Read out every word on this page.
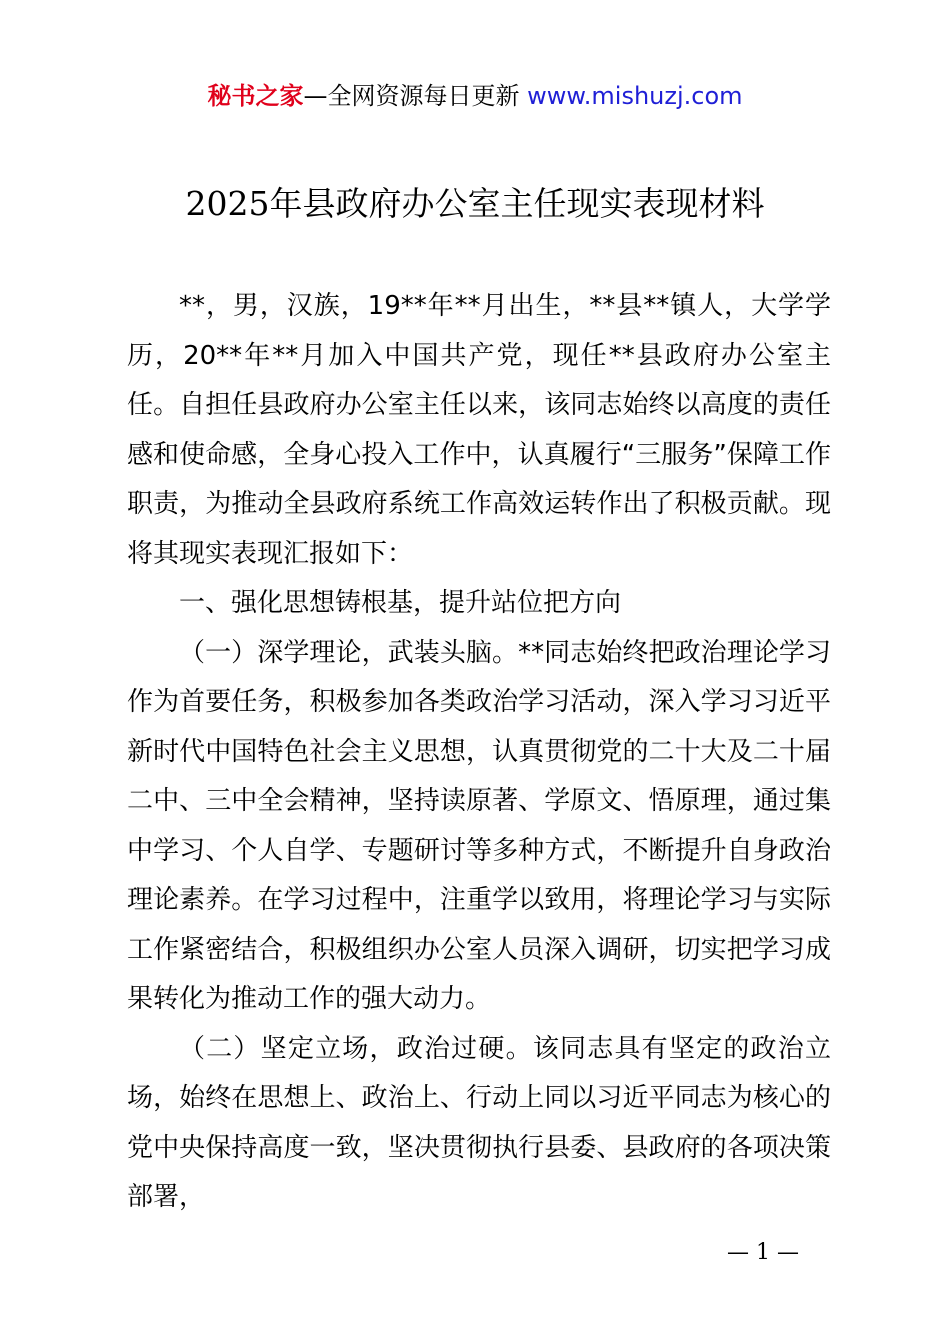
秘书之家—全网资源每日更新 www.mishuzj.com
2025年县政府办公室主任现实表现材料

**，男，汉族，19**年**月出生，**县**镇人，大学学历，20**年**月加入中国共产党，现任**县政府办公室主任。自担任县政府办公室主任以来，该同志始终以高度的责任感和使命感，全身心投入工作中，认真履行“三服务”保障工作职责，为推动全县政府系统工作高效运转作出了积极贡献。现将其现实表现汇报如下：

一、强化思想铸根基，提升站位把方向

（一）深学理论，武装头脑。**同志始终把政治理论学习作为首要任务，积极参加各类政治学习活动，深入学习习近平新时代中国特色社会主义思想，认真贯彻党的二十大及二十届二中、三中全会精神，坚持读原著、学原文、悟原理，通过集中学习、个人自学、专题研讨等多种方式，不断提升自身政治理论素养。在学习过程中，注重学以致用，将理论学习与实际工作紧密结合，积极组织办公室人员深入调研，切实把学习成果转化为推动工作的强大动力。

（二）坚定立场，政治过硬。该同志具有坚定的政治立场，始终在思想上、政治上、行动上同以习近平同志为核心的党中央保持高度一致，坚决贯彻执行县委、县政府的各项决策部署，

— 1 —
